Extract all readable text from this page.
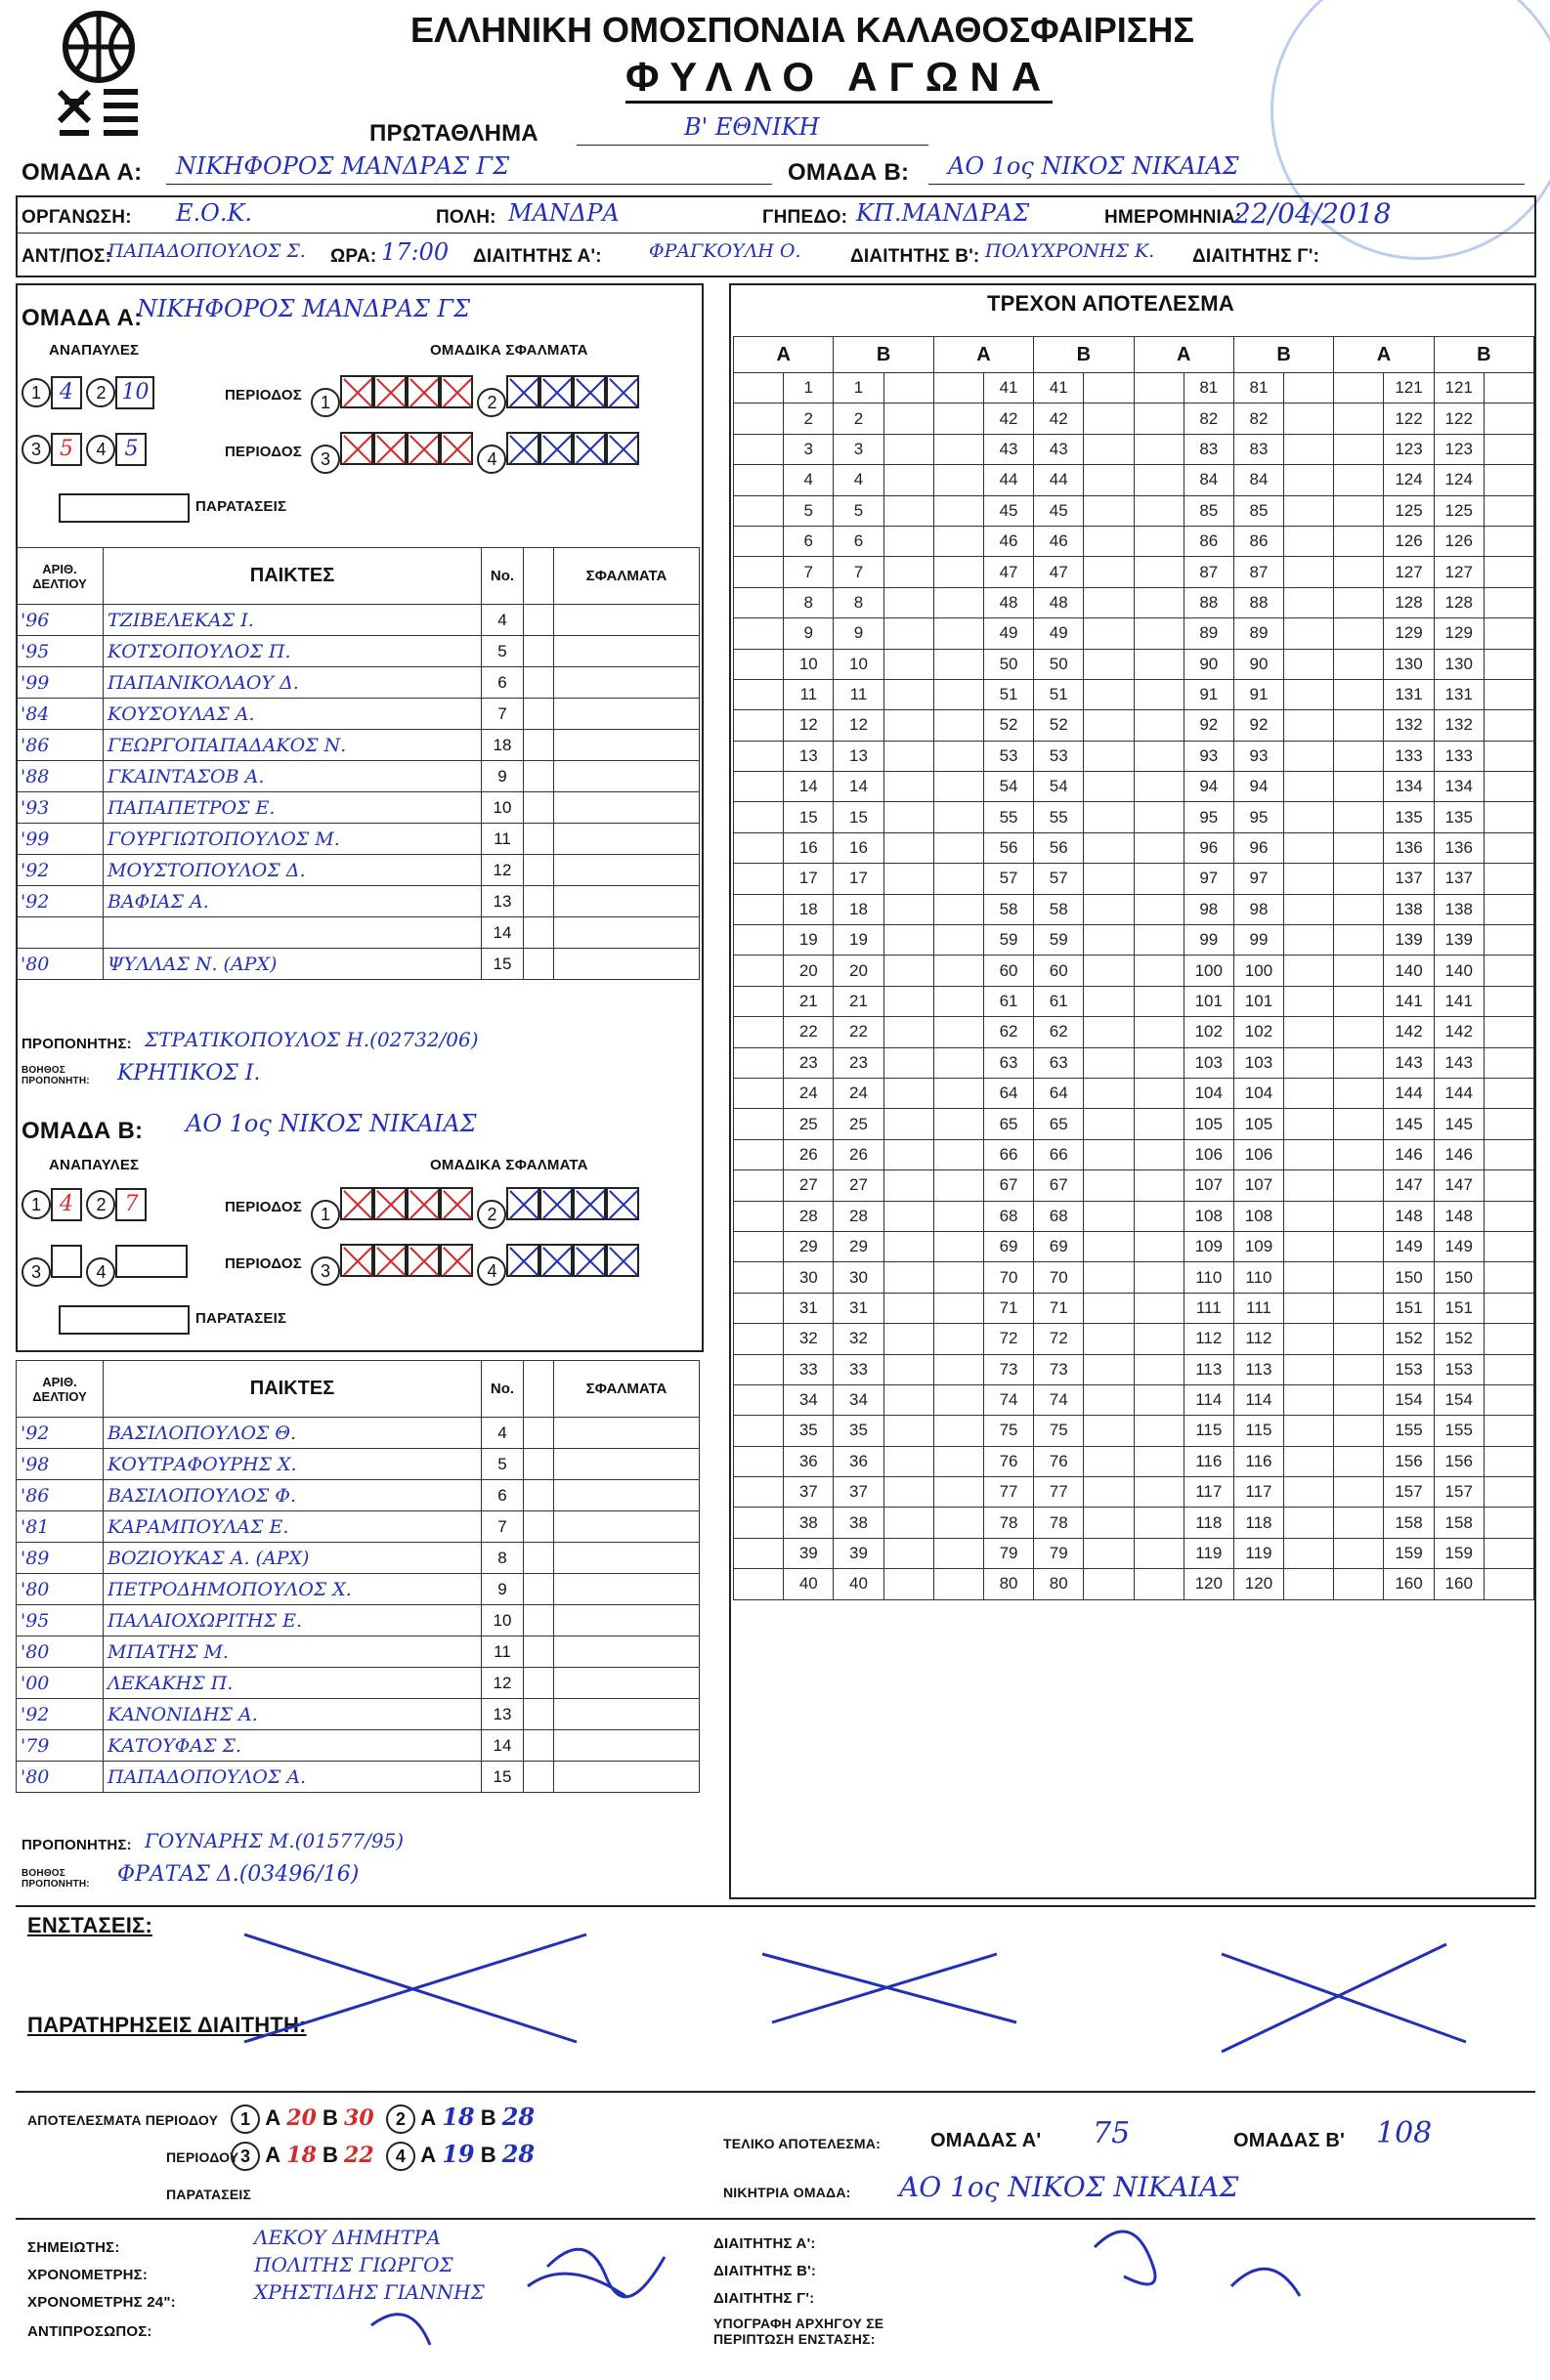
ΕΛΛΗΝΙΚΗ ΟΜΟΣΠΟΝΔΙΑ ΚΑΛΑΘΟΣΦΑΙΡΙΣΗΣ
ΦΥΛΛΟ ΑΓΩΝΑ
ΠΡΩΤΑΘΛΗΜΑ	Β' ΕΘΝΙΚΗ
ΟΜΑΔΑ Α: ΝΙΚΗΦΟΡΟΣ ΜΑΝΔΡΑΣ ΓΣ	ΟΜΑΔΑ Β: ΑΟ 1ος ΝΙΚΟΣ ΝΙΚΑΙΑΣ
ΟΡΓΑΝΩΣΗ: Ε.Ο.Κ.	ΠΟΛΗ: ΜΑΝΔΡΑ	ΓΗΠΕΔΟ: ΚΠ.ΜΑΝΔΡΑΣ	ΗΜΕΡΟΜΗΝΙΑ:
22/04/2018
ΑΝΤ/ΠΟΣ:
ΠΑΠΑΔΟΠΟΥΛΟΣ Σ. ΩΡΑ: 17:00 ΔΙΑΙΤΗΤΗΣ Α':	ΦΡΑΓΚΟΥΛΗ Ο.	ΔΙΑΙΤΗΤΗΣ Β': ΠΟΛΥΧΡΟΝΗΣ Κ. ΔΙΑΙΤΗΤΗΣ Γ':
ΟΜΑΔΑ Α:
ΝΙΚΗΦΟΡΟΣ ΜΑΝΔΡΑΣ ΓΣ
ΑΝΑΠΑΥΛΕΣ	ΟΜΑΔΙΚΑ ΣΦΑΛΜΑΤΑ
1 4 2 10	ΠΕΡΙΟΔΟΣ	1	2
3 5 4 5	ΠΕΡΙΟΔΟΣ	3	4
ΠΑΡΑΤΑΣΕΙΣ
ΑΡΙΘ. ΔΕΛΤΙΟΥ	ΠΑΙΚΤΕΣ	No.		ΣΦΑΛΜΑΤΑ
'96	ΤΖΙΒΕΛΕΚΑΣ Ι.	4		
'95	ΚΟΤΣΟΠΟΥΛΟΣ Π.	5		
'99	ΠΑΠΑΝΙΚΟΛΑΟΥ Δ.	6		
'84	ΚΟΥΣΟΥΛΑΣ Α.	7		
'86	ΓΕΩΡΓΟΠΑΠΑΔΑΚΟΣ Ν.	18		
'88	ΓΚΑΙΝΤΑΣΟΒ Α.	9		
'93	ΠΑΠΑΠΕΤΡΟΣ Ε.	10		
'99	ΓΟΥΡΓΙΩΤΟΠΟΥΛΟΣ Μ.	11		
'92	ΜΟΥΣΤΟΠΟΥΛΟΣ Δ.	12		
'92	ΒΑΦΙΑΣ Α.	13		
		14		
'80	ΨΥΛΛΑΣ Ν. (ΑΡΧ)	15		
ΠΡΟΠΟΝΗΤΗΣ: ΣΤΡΑΤΙΚΟΠΟΥΛΟΣ Η.(02732/06)
ΒΟΗΘΟΣ ΠΡΟΠΟΝΗΤΗ:	ΚΡΗΤΙΚΟΣ Ι.
ΟΜΑΔΑ Β: ΑΟ 1ος ΝΙΚΟΣ ΝΙΚΑΙΑΣ
ΑΝΑΠΑΥΛΕΣ	ΟΜΑΔΙΚΑ ΣΦΑΛΜΑΤΑ
1 4 2 7	ΠΕΡΙΟΔΟΣ	1	2
3	4	ΠΕΡΙΟΔΟΣ	3	4
ΠΑΡΑΤΑΣΕΙΣ
ΑΡΙΘ. ΔΕΛΤΙΟΥ	ΠΑΙΚΤΕΣ	No.		ΣΦΑΛΜΑΤΑ
'92	ΒΑΣΙΛΟΠΟΥΛΟΣ Θ.	4		
'98	ΚΟΥΤΡΑΦΟΥΡΗΣ Χ.	5		
'86	ΒΑΣΙΛΟΠΟΥΛΟΣ Φ.	6		
'81	ΚΑΡΑΜΠΟΥΛΑΣ Ε.	7		
'89	ΒΟΖΙΟΥΚΑΣ Α. (ΑΡΧ)	8		
'80	ΠΕΤΡΟΔΗΜΟΠΟΥΛΟΣ Χ.	9		
'95	ΠΑΛΑΙΟΧΩΡΙΤΗΣ Ε.	10		
'80	ΜΠΑΤΗΣ Μ.	11		
'00	ΛΕΚΑΚΗΣ Π.	12		
'92	ΚΑΝΟΝΙΔΗΣ Α.	13		
'79	ΚΑΤΟΥΦΑΣ Σ.	14		
'80	ΠΑΠΑΔΟΠΟΥΛΟΣ Α.	15		
ΠΡΟΠΟΝΗΤΗΣ: ΓΟΥΝΑΡΗΣ Μ.(01577/95)
ΒΟΗΘΟΣ ΠΡΟΠΟΝΗΤΗ:	ΦΡΑΤΑΣ Δ.(03496/16)
ΤΡΕΧΟΝ ΑΠΟΤΕΛΕΣΜΑ
Α		Β		Α		Β		Α		Β		Α		Β	
	1	1			41	41			81	81			121	121	
	2	2			42	42			82	82			122	122	
	3	3			43	43			83	83			123	123	
	4	4			44	44			84	84			124	124	
	5	5			45	45			85	85			125	125	
	6	6			46	46			86	86			126	126	
	7	7			47	47			87	87			127	127	
	8	8			48	48			88	88			128	128	
	9	9			49	49			89	89			129	129	
	10	10			50	50			90	90			130	130	
	11	11			51	51			91	91			131	131	
	12	12			52	52			92	92			132	132	
	13	13			53	53			93	93			133	133	
	14	14			54	54			94	94			134	134	
	15	15			55	55			95	95			135	135	
	16	16			56	56			96	96			136	136	
	17	17			57	57			97	97			137	137	
	18	18			58	58			98	98			138	138	
	19	19			59	59			99	99			139	139	
	20	20			60	60			100	100			140	140	
	21	21			61	61			101	101			141	141	
	22	22			62	62			102	102			142	142	
	23	23			63	63			103	103			143	143	
	24	24			64	64			104	104			144	144	
	25	25			65	65			105	105			145	145	
	26	26			66	66			106	106			146	146	
	27	27			67	67			107	107			147	147	
	28	28			68	68			108	108			148	148	
	29	29			69	69			109	109			149	149	
	30	30			70	70			110	110			150	150	
	31	31			71	71			111	111			151	151	
	32	32			72	72			112	112			152	152	
	33	33			73	73			113	113			153	153	
	34	34			74	74			114	114			154	154	
	35	35			75	75			115	115			155	155	
	36	36			76	76			116	116			156	156	
	37	37			77	77			117	117			157	157	
	38	38			78	78			118	118			158	158	
	39	39			79	79			119	119			159	159	
	40	40			80	80			120	120			160	160	
ΕΝΣΤΑΣΕΙΣ:
ΠΑΡΑΤΗΡΗΣΕΙΣ ΔΙΑΙΤΗΤΗ:
ΑΠΟΤΕΛΕΣΜΑΤΑ ΠΕΡΙΟΔΟΥ	1 Α 20 Β 30 2 Α 18 Β 28
ΠΕΡΙΟΔΟΥ 3 Α 18 Β 22 4 Α 19 Β 28
ΠΑΡΑΤΑΣΕΙΣ
ΤΕΛΙΚΟ ΑΠΟΤΕΛΕΣΜΑ:	ΟΜΑΔΑΣ Α' 75	ΟΜΑΔΑΣ Β' 108
ΝΙΚΗΤΡΙΑ ΟΜΑΔΑ: ΑΟ 1ος ΝΙΚΟΣ ΝΙΚΑΙΑΣ
ΣΗΜΕΙΩΤΗΣ:	ΛΕΚΟΥ ΔΗΜΗΤΡΑ
ΧΡΟΝΟΜΕΤΡΗΣ:	ΠΟΛΙΤΗΣ ΓΙΩΡΓΟΣ
ΧΡΟΝΟΜΕΤΡΗΣ 24":	ΧΡΗΣΤΙΔΗΣ ΓΙΑΝΝΗΣ
ΑΝΤΙΠΡΟΣΩΠΟΣ:
ΔΙΑΙΤΗΤΗΣ Α':
ΔΙΑΙΤΗΤΗΣ Β':
ΔΙΑΙΤΗΤΗΣ Γ':
ΥΠΟΓΡΑΦΗ ΑΡΧΗΓΟΥ ΣΕ ΠΕΡΙΠΤΩΣΗ ΕΝΣΤΑΣΗΣ:
